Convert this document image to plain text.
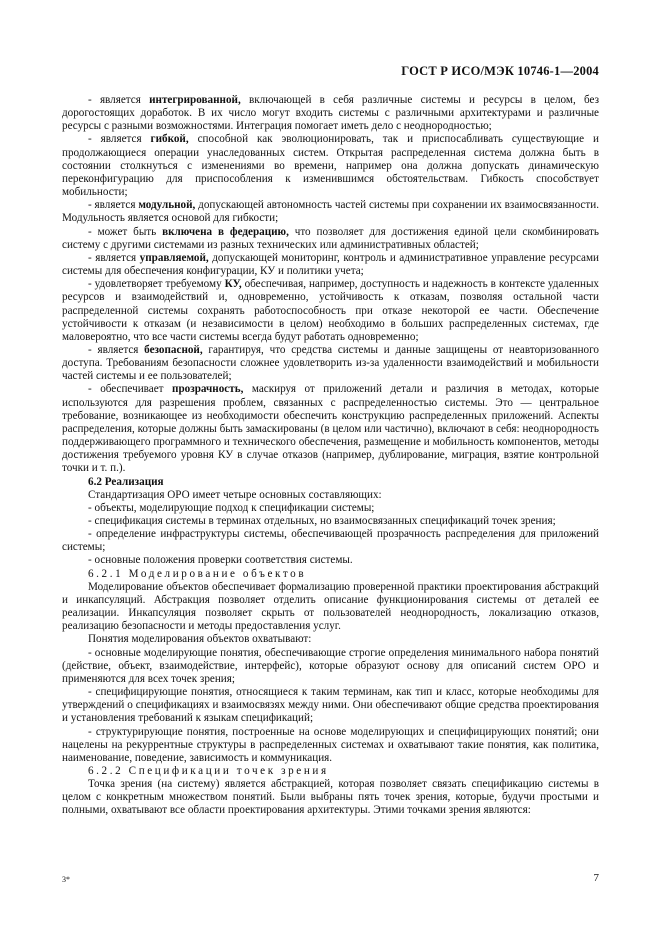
ГОСТ Р ИСО/МЭК 10746-1—2004

- является интегрированной, включающей в себя различные системы и ресурсы в целом, без дорогостоящих доработок. В их число могут входить системы с различными архитектурами и различные ресурсы с разными возможностями. Интеграция помогает иметь дело с неоднородностью;

- является гибкой, способной как эволюционировать, так и приспосабливать существующие и продолжающиеся операции унаследованных систем. Открытая распределенная система должна быть в состоянии столкнуться с изменениями во времени, например она должна допускать динамическую переконфигурацию для приспособления к изменившимся обстоятельствам. Гибкость способствует мобильности;

- является модульной, допускающей автономность частей системы при сохранении их взаимосвязанности. Модульность является основой для гибкости;

- может быть включена в федерацию, что позволяет для достижения единой цели скомбинировать систему с другими системами из разных технических или административных областей;

- является управляемой, допускающей мониторинг, контроль и административное управление ресурсами системы для обеспечения конфигурации, КУ и политики учета;

- удовлетворяет требуемому КУ, обеспечивая, например, доступность и надежность в контексте удаленных ресурсов и взаимодействий и, одновременно, устойчивость к отказам, позволяя остальной части распределенной системы сохранять работоспособность при отказе некоторой ее части. Обеспечение устойчивости к отказам (и независимости в целом) необходимо в больших распределенных системах, где маловероятно, что все части системы всегда будут работать одновременно;

- является безопасной, гарантируя, что средства системы и данные защищены от неавторизованного доступа. Требованиям безопасности сложнее удовлетворить из-за удаленности взаимодействий и мобильности частей системы и ее пользователей;

- обеспечивает прозрачность, маскируя от приложений детали и различия в методах, которые используются для разрешения проблем, связанных с распределенностью системы. Это — центральное требование, возникающее из необходимости обеспечить конструкцию распределенных приложений. Аспекты распределения, которые должны быть замаскированы (в целом или частично), включают в себя: неоднородность поддерживающего программного и технического обеспечения, размещение и мобильность компонентов, методы достижения требуемого уровня КУ в случае отказов (например, дублирование, миграция, взятие контрольной точки и т. п.).

6.2 Реализация

Стандартизация ОРО имеет четыре основных составляющих:

- объекты, моделирующие подход к спецификации системы;

- спецификация системы в терминах отдельных, но взаимосвязанных спецификаций точек зрения;

- определение инфраструктуры системы, обеспечивающей прозрачность распределения для приложений системы;

- основные положения проверки соответствия системы.

6.2.1 Моделирование объектов

Моделирование объектов обеспечивает формализацию проверенной практики проектирования абстракций и инкапсуляций. Абстракция позволяет отделить описание функционирования системы от деталей ее реализации. Инкапсуляция позволяет скрыть от пользователей неоднородность, локализацию отказов, реализацию безопасности и методы предоставления услуг.

Понятия моделирования объектов охватывают:

- основные моделирующие понятия, обеспечивающие строгие определения минимального набора понятий (действие, объект, взаимодействие, интерфейс), которые образуют основу для описаний систем ОРО и применяются для всех точек зрения;

- специфицирующие понятия, относящиеся к таким терминам, как тип и класс, которые необходимы для утверждений о спецификациях и взаимосвязях между ними. Они обеспечивают общие средства проектирования и установления требований к языкам спецификаций;

- структурирующие понятия, построенные на основе моделирующих и специфицирующих понятий; они нацелены на рекуррентные структуры в распределенных системах и охватывают такие понятия, как политика, наименование, поведение, зависимость и коммуникация.

6.2.2 Спецификации точек зрения

Точка зрения (на систему) является абстракцией, которая позволяет связать спецификацию системы в целом с конкретным множеством понятий. Были выбраны пять точек зрения, которые, будучи простыми и полными, охватывают все области проектирования архитектуры. Этими точками зрения являются:

3*	7
